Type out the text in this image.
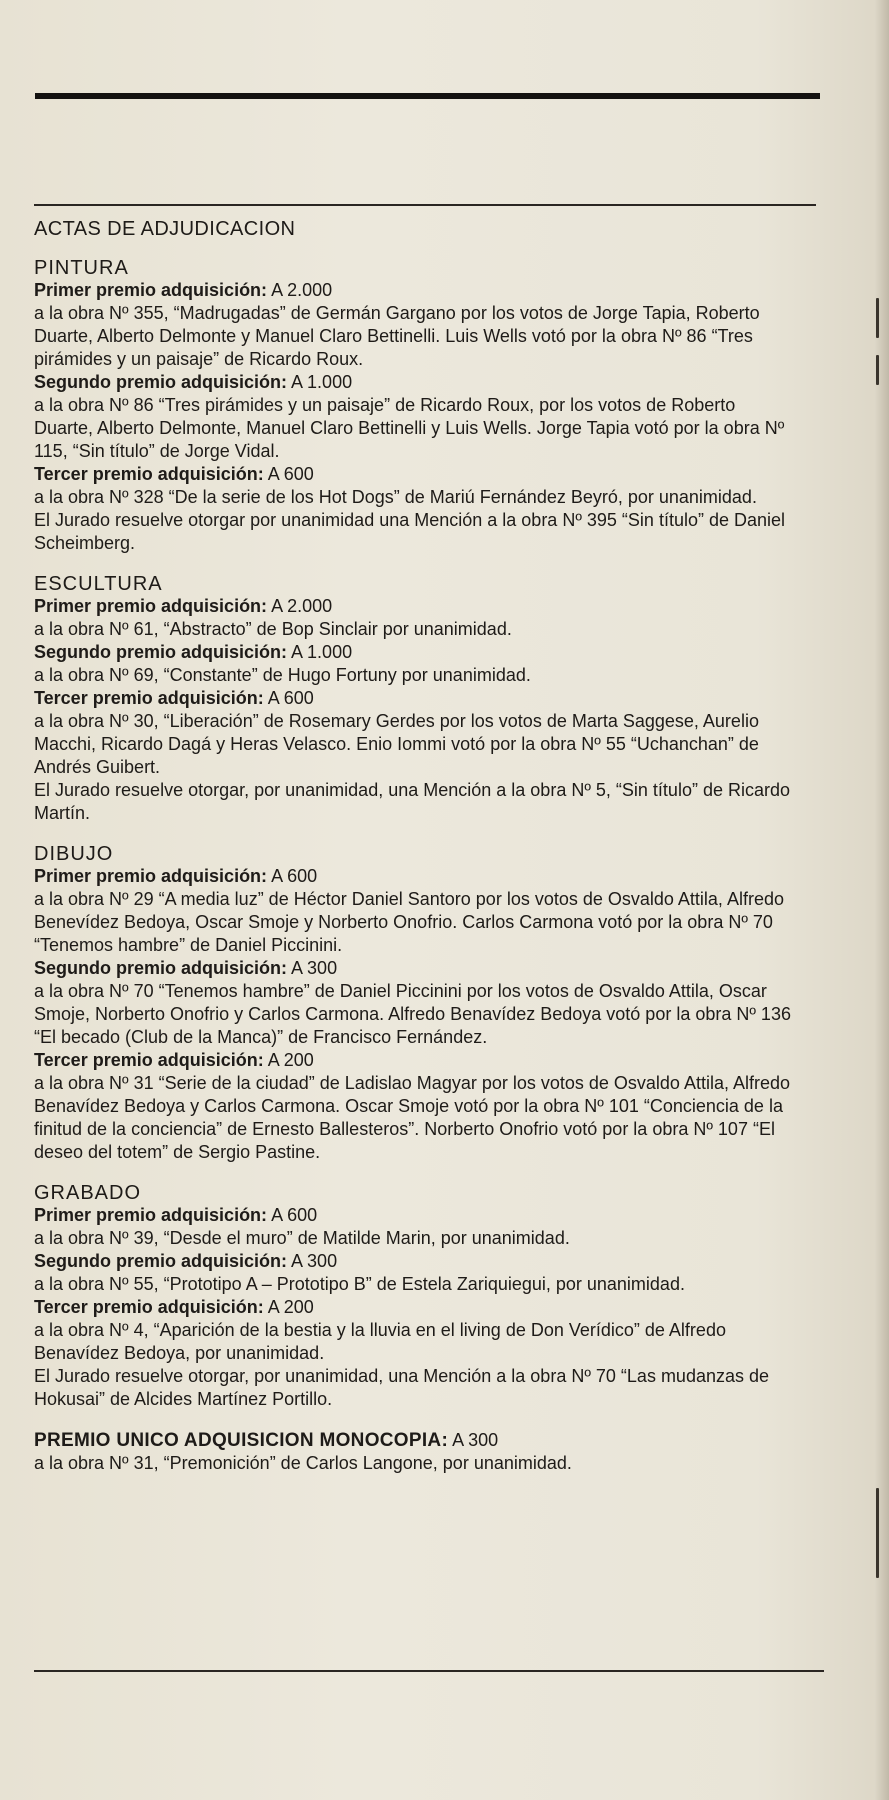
ACTAS DE ADJUDICACION
PINTURA
Primer premio adquisición: A 2.000

a la obra Nº 355, “Madrugadas” de Germán Gargano por los votos de Jorge Tapia, Roberto Duarte, Alberto Delmonte y Manuel Claro Bettinelli. Luis Wells votó por la obra Nº 86 “Tres pirámides y un paisaje” de Ricardo Roux.

Segundo premio adquisición: A 1.000

a la obra Nº 86 “Tres pirámides y un paisaje” de Ricardo Roux, por los votos de Roberto Duarte, Alberto Delmonte, Manuel Claro Bettinelli y Luis Wells. Jorge Tapia votó por la obra Nº 115, “Sin título” de Jorge Vidal.

Tercer premio adquisición: A 600

a la obra Nº 328 “De la serie de los Hot Dogs” de Mariú Fernández Beyró, por unanimidad.

El Jurado resuelve otorgar por unanimidad una Mención a la obra Nº 395 “Sin título” de Daniel Scheimberg.

ESCULTURA
Primer premio adquisición: A 2.000

a la obra Nº 61, “Abstracto” de Bop Sinclair por unanimidad.

Segundo premio adquisición: A 1.000

a la obra Nº 69, “Constante” de Hugo Fortuny por unanimidad.

Tercer premio adquisición: A 600

a la obra Nº 30, “Liberación” de Rosemary Gerdes por los votos de Marta Saggese, Aurelio Macchi, Ricardo Dagá y Heras Velasco. Enio Iommi votó por la obra Nº 55 “Uchanchan” de Andrés Guibert.

El Jurado resuelve otorgar, por unanimidad, una Mención a la obra Nº 5, “Sin título” de Ricardo Martín.

DIBUJO
Primer premio adquisición: A 600

a la obra Nº 29 “A media luz” de Héctor Daniel Santoro por los votos de Osvaldo Attila, Alfredo Benevídez Bedoya, Oscar Smoje y Norberto Onofrio. Carlos Carmona votó por la obra Nº 70 “Tenemos hambre” de Daniel Piccinini.

Segundo premio adquisición: A 300

a la obra Nº 70 “Tenemos hambre” de Daniel Piccinini por los votos de Osvaldo Attila, Oscar Smoje, Norberto Onofrio y Carlos Carmona. Alfredo Benavídez Bedoya votó por la obra Nº 136 “El becado (Club de la Manca)” de Francisco Fernández.

Tercer premio adquisición: A 200

a la obra Nº 31 “Serie de la ciudad” de Ladislao Magyar por los votos de Osvaldo Attila, Alfredo Benavídez Bedoya y Carlos Carmona. Oscar Smoje votó por la obra Nº 101 “Conciencia de la finitud de la conciencia” de Ernesto Ballesteros”. Norberto Onofrio votó por la obra Nº 107 “El deseo del totem” de Sergio Pastine.

GRABADO
Primer premio adquisición: A 600

a la obra Nº 39, “Desde el muro” de Matilde Marin, por unanimidad.

Segundo premio adquisición: A 300

a la obra Nº 55, “Prototipo A – Prototipo B” de Estela Zariquiegui, por unanimidad.

Tercer premio adquisición: A 200

a la obra Nº 4, “Aparición de la bestia y la lluvia en el living de Don Verídico” de Alfredo Benavídez Bedoya, por unanimidad.

El Jurado resuelve otorgar, por unanimidad, una Mención a la obra Nº 70 “Las mudanzas de Hokusai” de Alcides Martínez Portillo.

PREMIO UNICO ADQUISICION MONOCOPIA: A 300

a la obra Nº 31, “Premonición” de Carlos Langone, por unanimidad.
